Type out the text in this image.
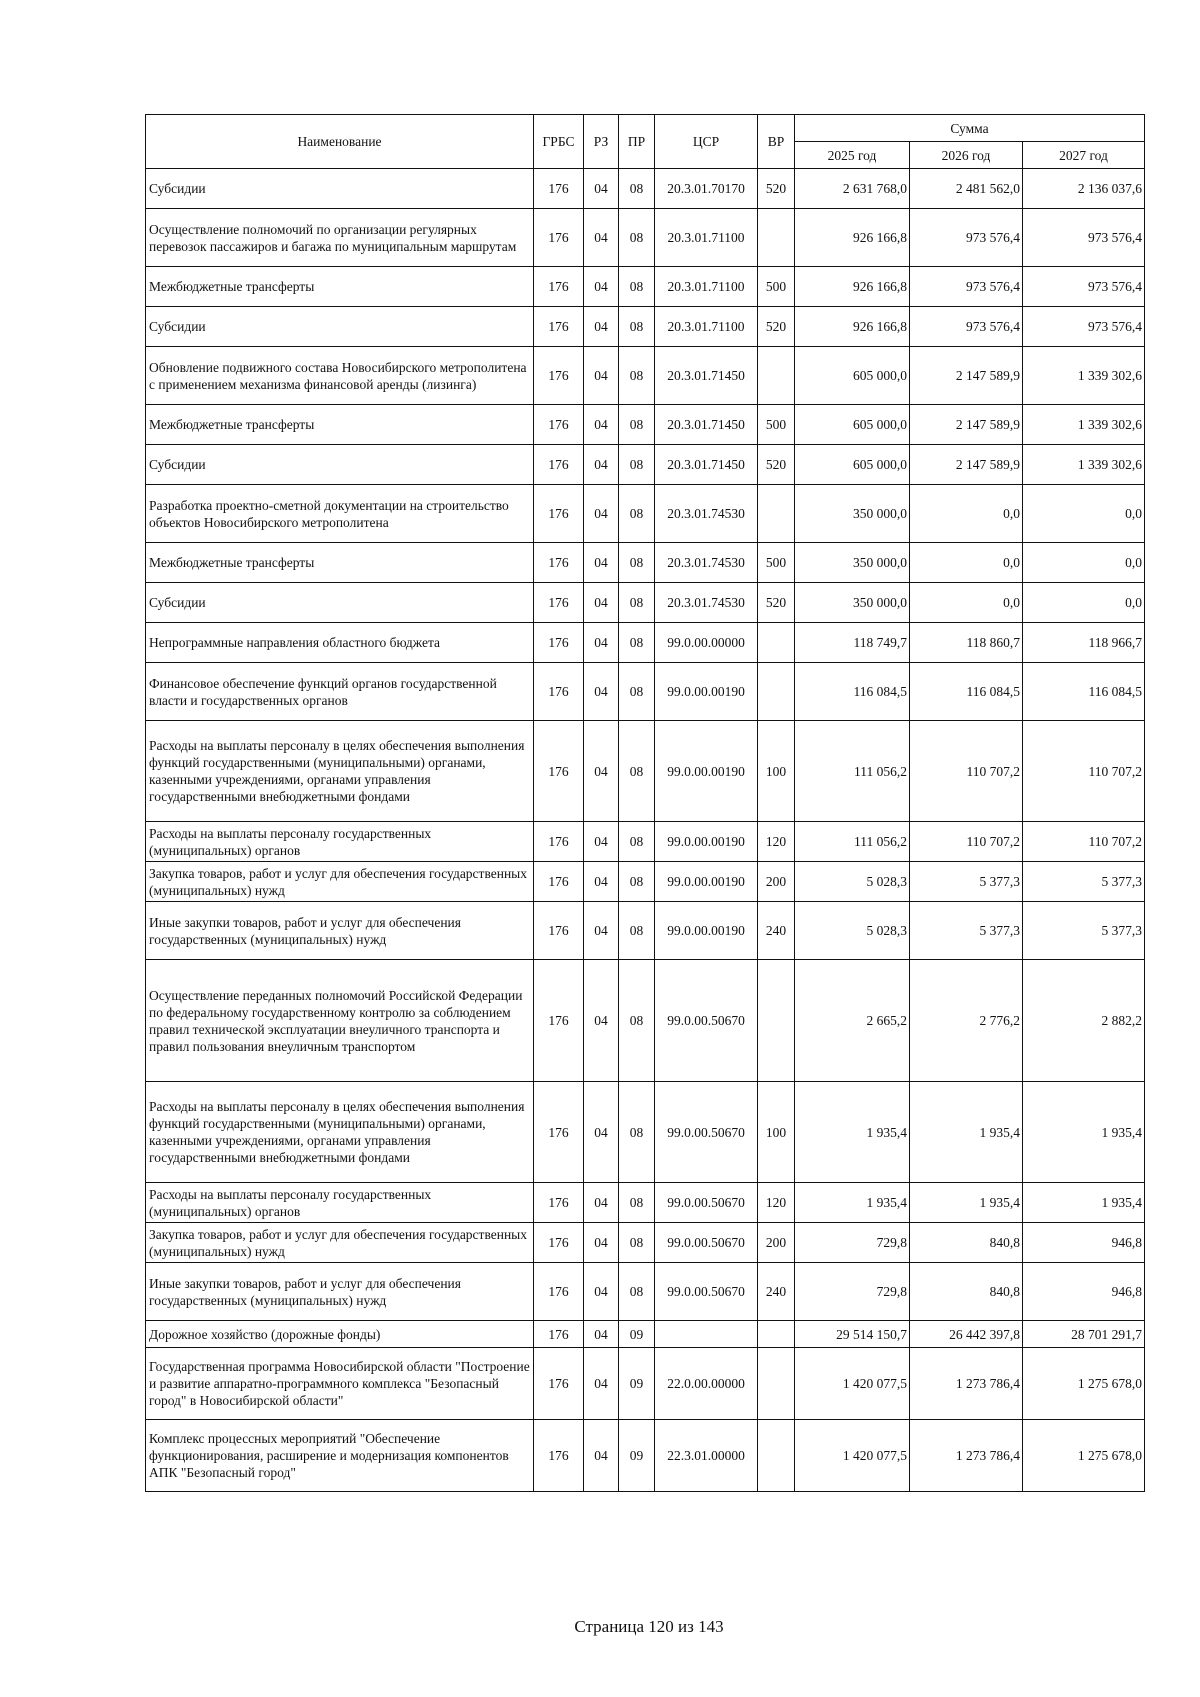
Наименование	ГРБС	РЗ	ПР	ЦСР	ВР	Сумма		
						2025 год	2026 год	2027 год
Субсидии	176	04	08	20.3.01.70170	520	2 631 768,0	2 481 562,0	2 136 037,6
Осуществление полномочий по организации регулярных перевозок пассажиров и багажа по муниципальным маршрутам	176	04	08	20.3.01.71100		926 166,8	973 576,4	973 576,4
Межбюджетные трансферты	176	04	08	20.3.01.71100	500	926 166,8	973 576,4	973 576,4
Субсидии	176	04	08	20.3.01.71100	520	926 166,8	973 576,4	973 576,4
Обновление подвижного состава Новосибирского метрополитена с применением механизма финансовой аренды (лизинга)	176	04	08	20.3.01.71450		605 000,0	2 147 589,9	1 339 302,6
Межбюджетные трансферты	176	04	08	20.3.01.71450	500	605 000,0	2 147 589,9	1 339 302,6
Субсидии	176	04	08	20.3.01.71450	520	605 000,0	2 147 589,9	1 339 302,6
Разработка проектно-сметной документации на строительство объектов Новосибирского метрополитена	176	04	08	20.3.01.74530		350 000,0	0,0	0,0
Межбюджетные трансферты	176	04	08	20.3.01.74530	500	350 000,0	0,0	0,0
Субсидии	176	04	08	20.3.01.74530	520	350 000,0	0,0	0,0
Непрограммные направления областного бюджета	176	04	08	99.0.00.00000		118 749,7	118 860,7	118 966,7
Финансовое обеспечение функций органов государственной власти и государственных органов	176	04	08	99.0.00.00190		116 084,5	116 084,5	116 084,5
Расходы на выплаты персоналу в целях обеспечения выполнения функций государственными (муниципальными) органами, казенными учреждениями, органами управления государственными внебюджетными фондами	176	04	08	99.0.00.00190	100	111 056,2	110 707,2	110 707,2
Расходы на выплаты персоналу государственных (муниципальных) органов	176	04	08	99.0.00.00190	120	111 056,2	110 707,2	110 707,2
Закупка товаров, работ и услуг для обеспечения государственных (муниципальных) нужд	176	04	08	99.0.00.00190	200	5 028,3	5 377,3	5 377,3
Иные закупки товаров, работ и услуг для обеспечения государственных (муниципальных) нужд	176	04	08	99.0.00.00190	240	5 028,3	5 377,3	5 377,3
Осуществление переданных полномочий Российской Федерации по федеральному государственному контролю за соблюдением правил технической эксплуатации внеуличного транспорта и правил пользования внеуличным транспортом	176	04	08	99.0.00.50670		2 665,2	2 776,2	2 882,2
Расходы на выплаты персоналу в целях обеспечения выполнения функций государственными (муниципальными) органами, казенными учреждениями, органами управления государственными внебюджетными фондами	176	04	08	99.0.00.50670	100	1 935,4	1 935,4	1 935,4
Расходы на выплаты персоналу государственных (муниципальных) органов	176	04	08	99.0.00.50670	120	1 935,4	1 935,4	1 935,4
Закупка товаров, работ и услуг для обеспечения государственных (муниципальных) нужд	176	04	08	99.0.00.50670	200	729,8	840,8	946,8
Иные закупки товаров, работ и услуг для обеспечения государственных (муниципальных) нужд	176	04	08	99.0.00.50670	240	729,8	840,8	946,8
Дорожное хозяйство (дорожные фонды)	176	04	09			29 514 150,7	26 442 397,8	28 701 291,7
Государственная программа Новосибирской области "Построение и развитие аппаратно-программного комплекса "Безопасный город" в Новосибирской области"	176	04	09	22.0.00.00000		1 420 077,5	1 273 786,4	1 275 678,0
Комплекс процессных мероприятий "Обеспечение функционирования, расширение и модернизация компонентов АПК "Безопасный город"	176	04	09	22.3.01.00000		1 420 077,5	1 273 786,4	1 275 678,0
Страница 120 из 143
